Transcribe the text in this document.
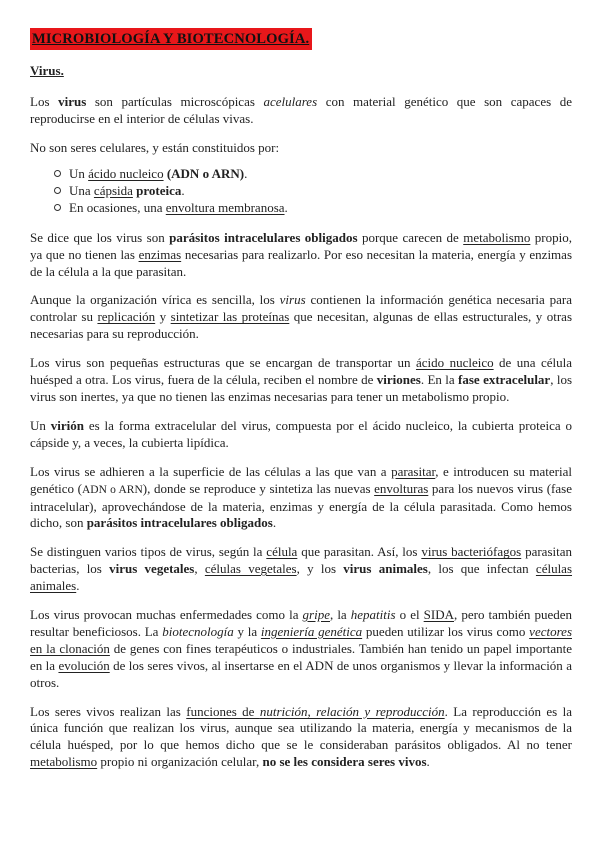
MICROBIOLOGÍA Y BIOTECNOLOGÍA.
Virus.

Los virus son partículas microscópicas acelulares con material genético que son capaces de reproducirse en el interior de células vivas.

No son seres celulares, y están constituidos por:

Un ácido nucleico (ADN o ARN).
Una cápsida proteica.
En ocasiones, una envoltura membranosa.

Se dice que los virus son parásitos intracelulares obligados porque carecen de metabolismo propio, ya que no tienen las enzimas necesarias para realizarlo. Por eso necesitan la materia, energía y enzimas de la célula a la que parasitan.

Aunque la organización vírica es sencilla, los virus contienen la información genética necesaria para controlar su replicación y sintetizar las proteínas que necesitan, algunas de ellas estructurales, y otras necesarias para su reproducción.

Los virus son pequeñas estructuras que se encargan de transportar un ácido nucleico de una célula huésped a otra. Los virus, fuera de la célula, reciben el nombre de viriones. En la fase extracelular, los virus son inertes, ya que no tienen las enzimas necesarias para tener un metabolismo propio.

Un virión es la forma extracelular del virus, compuesta por el ácido nucleico, la cubierta proteica o cápside y, a veces, la cubierta lipídica.

Los virus se adhieren a la superficie de las células a las que van a parasitar, e introducen su material genético (ADN o ARN), donde se reproduce y sintetiza las nuevas envolturas para los nuevos virus (fase intracelular), aprovechándose de la materia, enzimas y energía de la célula parasitada. Como hemos dicho, son parásitos intracelulares obligados.

Se distinguen varios tipos de virus, según la célula que parasitan. Así, los virus bacteriófagos parasitan bacterias, los virus vegetales, células vegetales, y los virus animales, los que infectan células animales.

Los virus provocan muchas enfermedades como la gripe, la hepatitis o el SIDA, pero también pueden resultar beneficiosos. La biotecnología y la ingeniería genética pueden utilizar los virus como vectores en la clonación de genes con fines terapéuticos o industriales. También han tenido un papel importante en la evolución de los seres vivos, al insertarse en el ADN de unos organismos y llevar la información a otros.

Los seres vivos realizan las funciones de nutrición, relación y reproducción. La reproducción es la única función que realizan los virus, aunque sea utilizando la materia, energía y mecanismos de la célula huésped, por lo que hemos dicho que se le consideraban parásitos obligados. Al no tener metabolismo propio ni organización celular, no se les considera seres vivos.
